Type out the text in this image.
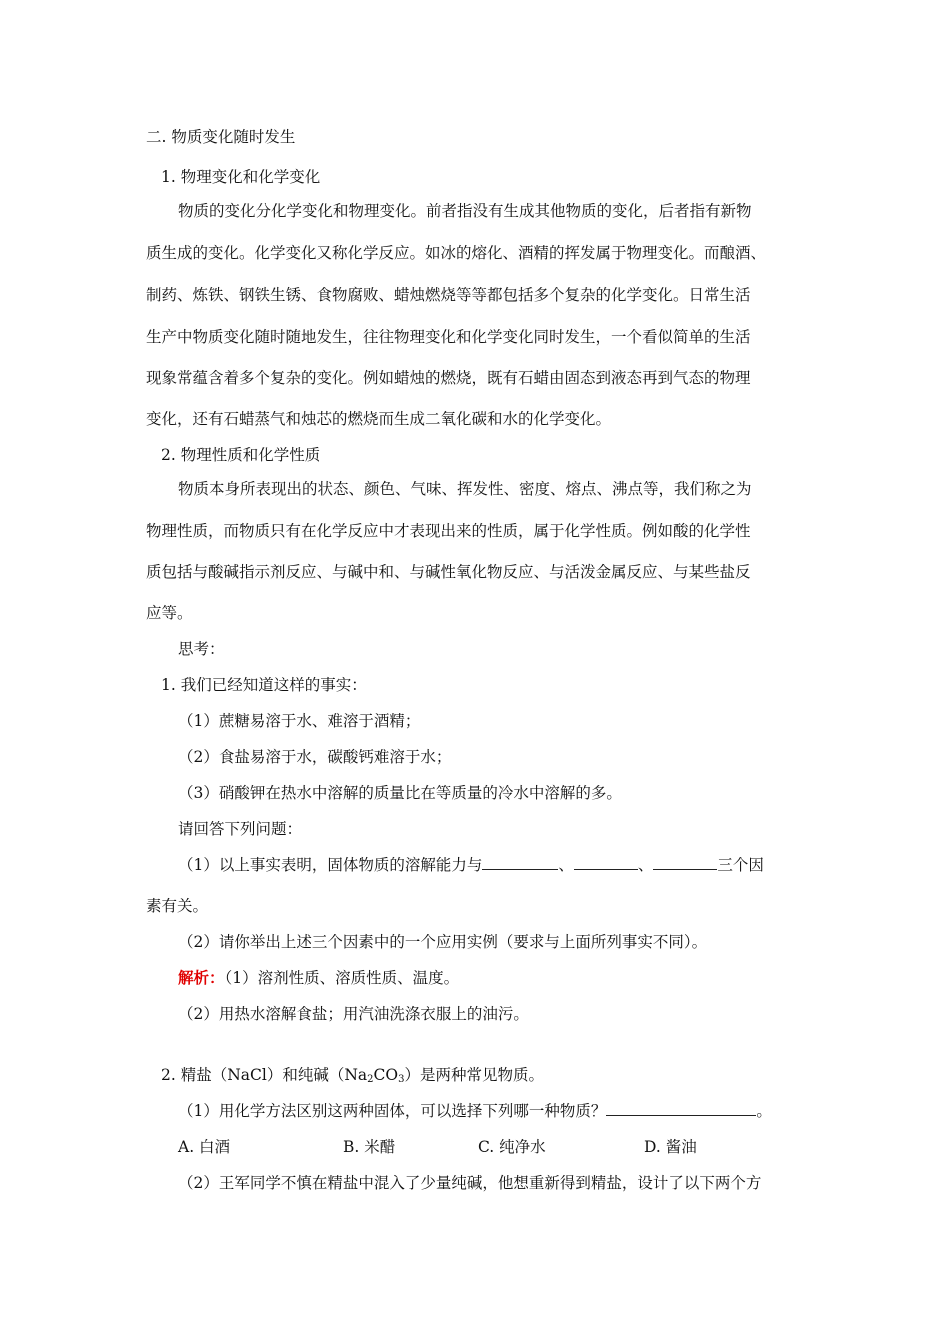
二. 物质变化随时发生
1. 物理变化和化学变化
物质的变化分化学变化和物理变化。前者指没有生成其他物质的变化，后者指有新物
质生成的变化。化学变化又称化学反应。如冰的熔化、酒精的挥发属于物理变化。而酿酒、
制药、炼铁、钢铁生锈、食物腐败、蜡烛燃烧等等都包括多个复杂的化学变化。日常生活
生产中物质变化随时随地发生，往往物理变化和化学变化同时发生，一个看似简单的生活
现象常蕴含着多个复杂的变化。例如蜡烛的燃烧，既有石蜡由固态到液态再到气态的物理
变化，还有石蜡蒸气和烛芯的燃烧而生成二氧化碳和水的化学变化。
2. 物理性质和化学性质
物质本身所表现出的状态、颜色、气味、挥发性、密度、熔点、沸点等，我们称之为
物理性质，而物质只有在化学反应中才表现出来的性质，属于化学性质。例如酸的化学性
质包括与酸碱指示剂反应、与碱中和、与碱性氧化物反应、与活泼金属反应、与某些盐反
应等。
思考：
1. 我们已经知道这样的事实：
（1）蔗糖易溶于水、难溶于酒精；
（2）食盐易溶于水，碳酸钙难溶于水；
（3）硝酸钾在热水中溶解的质量比在等质量的冷水中溶解的多。
请回答下列问题：
（1）以上事实表明，固体物质的溶解能力与	、	、	三个因
素有关。
（2）请你举出上述三个因素中的一个应用实例（要求与上面所列事实不同）。
解析：（1）溶剂性质、溶质性质、温度。
（2）用热水溶解食盐；用汽油洗涤衣服上的油污。
2. 精盐（NaCl）和纯碱$(Na_2CO_3)$是两种常见物质。
（1）用化学方法区别这两种固体，可以选择下列哪一种物质？	。
A. 白酒	B. 米醋	C. 纯净水	D. 酱油
（2）王军同学不慎在精盐中混入了少量纯碱，他想重新得到精盐，设计了以下两个方
